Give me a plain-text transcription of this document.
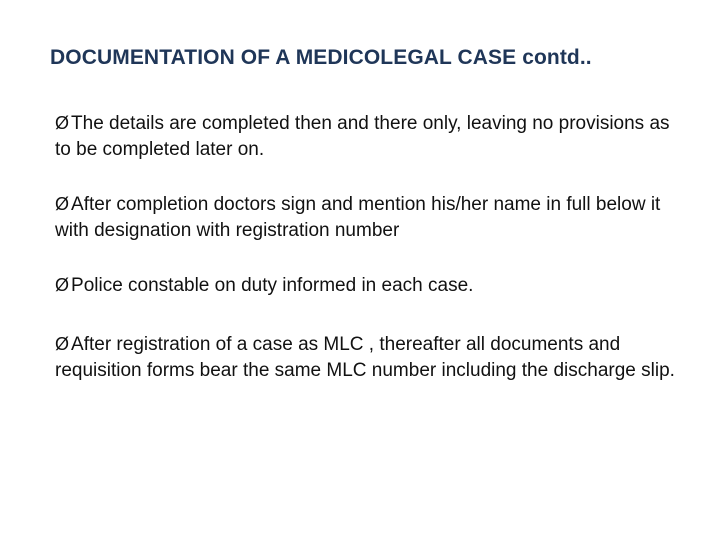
DOCUMENTATION OF A MEDICOLEGAL CASE contd..
Ø The details are completed then and there only, leaving no provisions as to be completed later on.
Ø After completion doctors sign and mention his/her name in full below it with designation with registration number
Ø Police constable on duty informed in each case.
Ø After registration of a case as MLC , thereafter all documents and requisition forms bear the same MLC number including the discharge slip.
